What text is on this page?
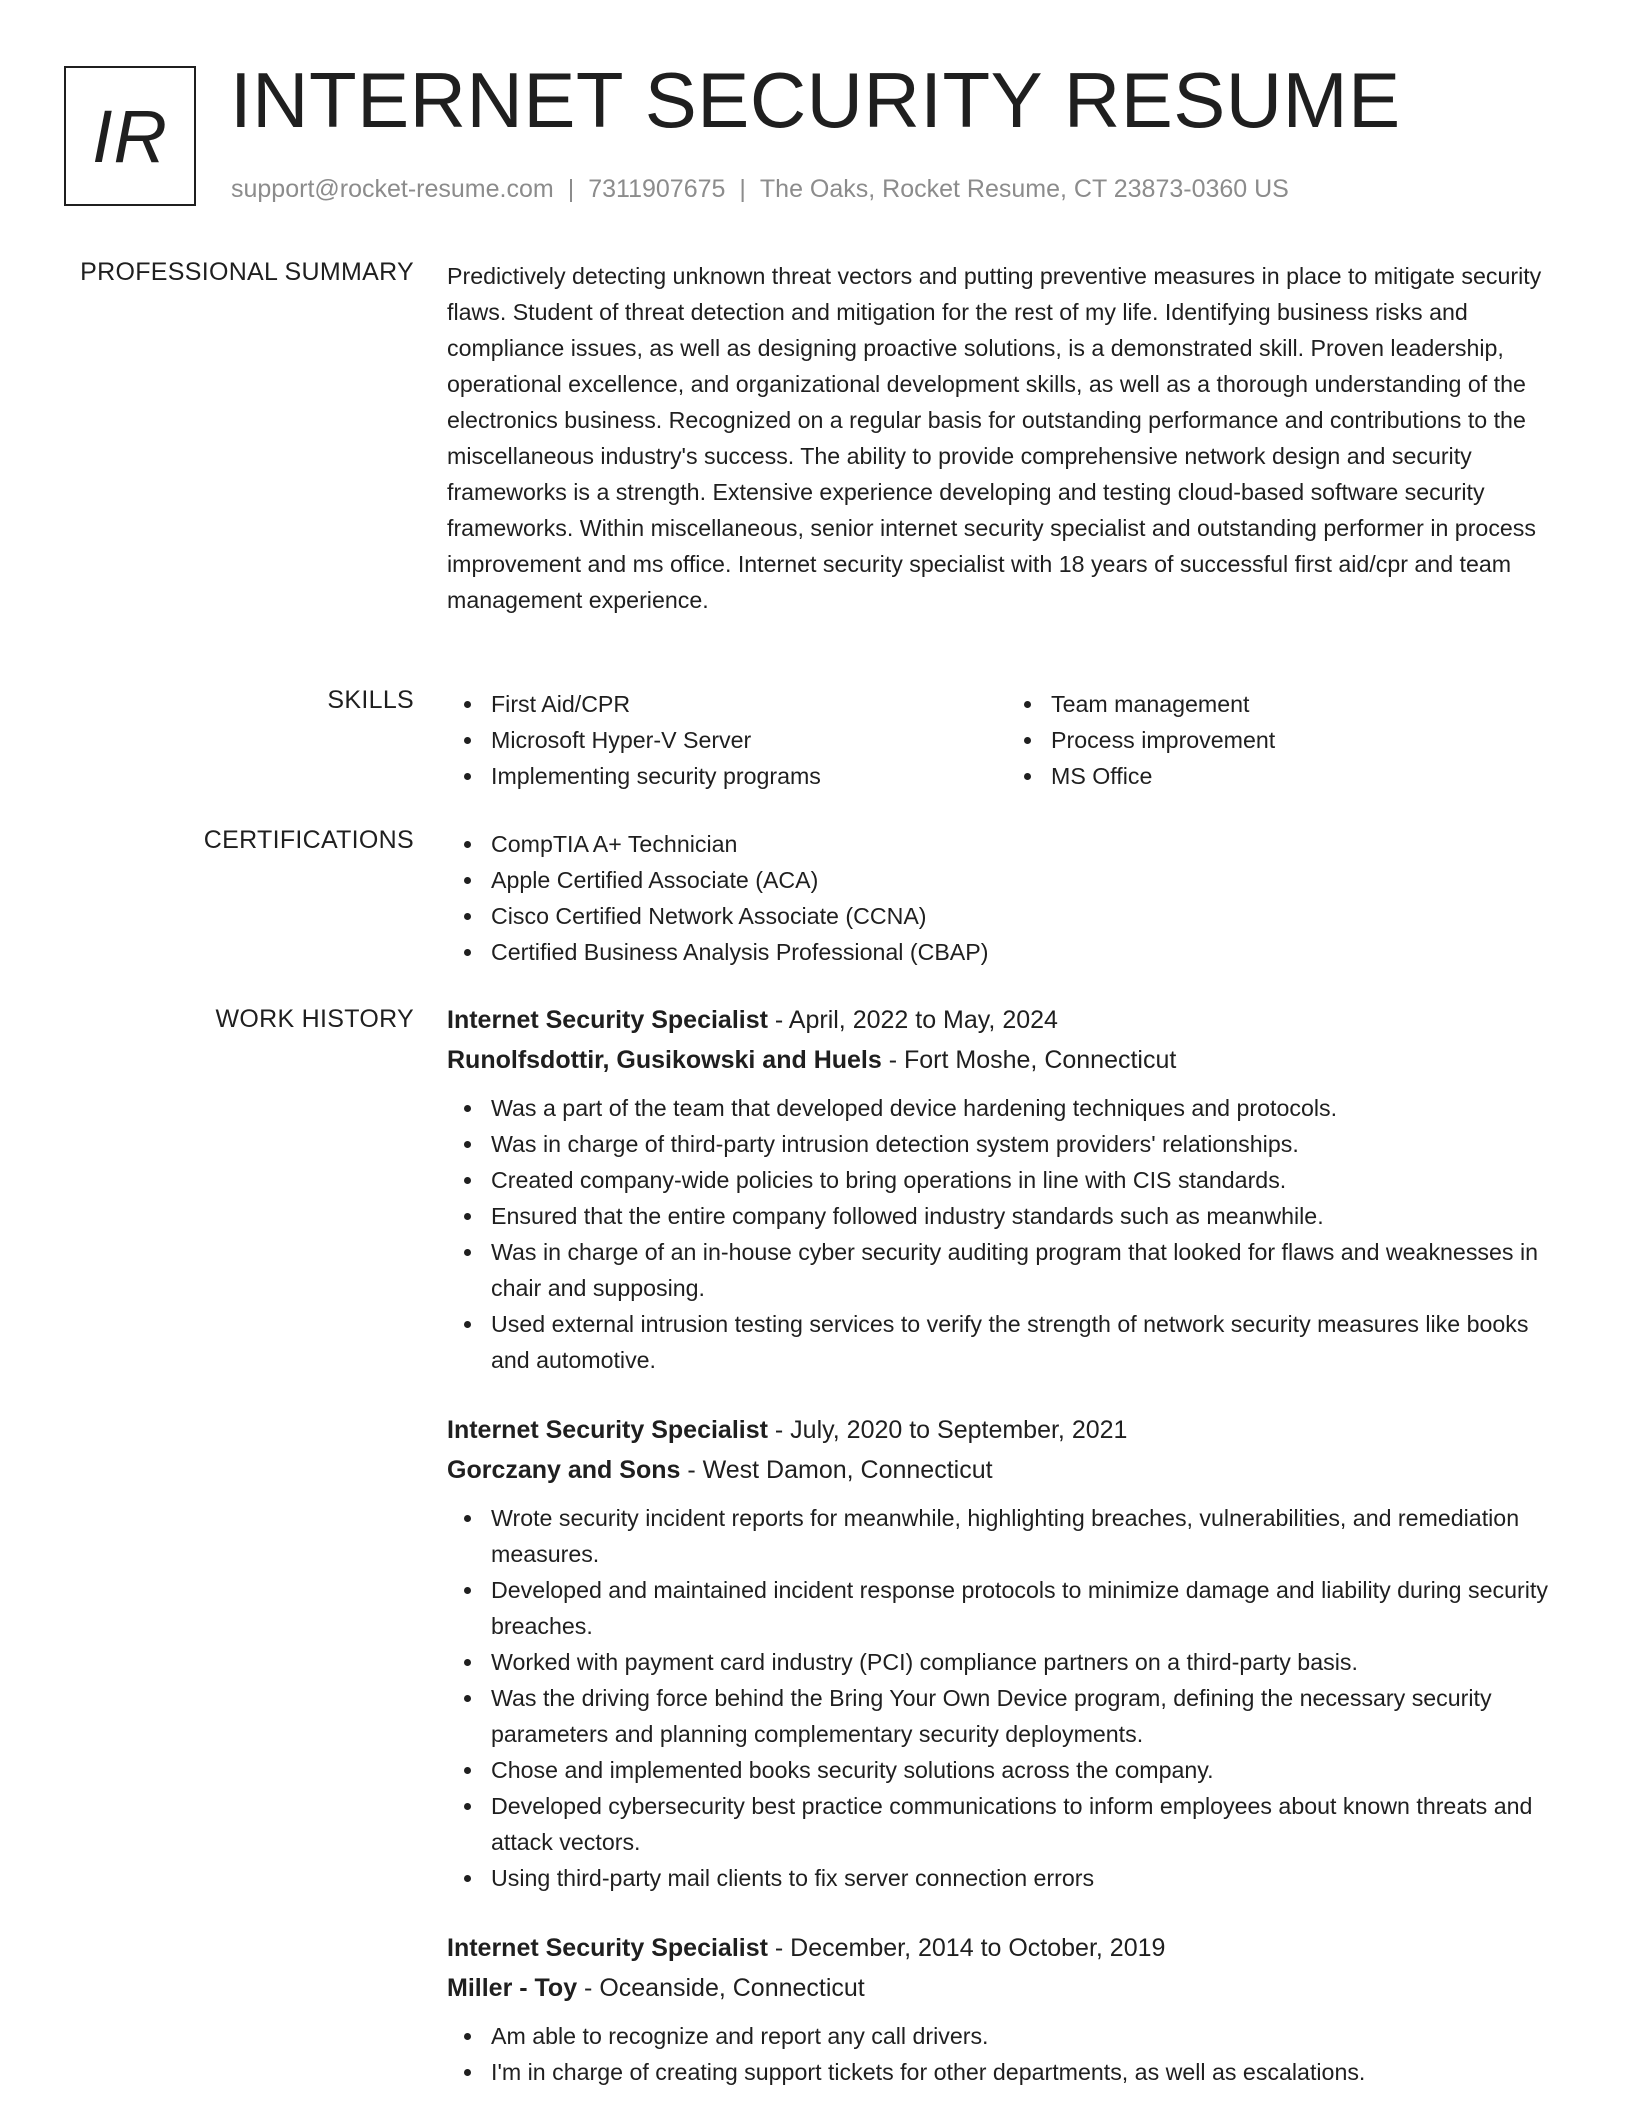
IR INTERNET SECURITY RESUME
support@rocket-resume.com | 7311907675 | The Oaks, Rocket Resume, CT 23873-0360 US
PROFESSIONAL SUMMARY Predictively detecting unknown threat vectors and putting preventive measures in place to mitigate security flaws. Student of threat detection and mitigation for the rest of my life. Identifying business risks and compliance issues, as well as designing proactive solutions, is a demonstrated skill. Proven leadership, operational excellence, and organizational development skills, as well as a thorough understanding of the electronics business. Recognized on a regular basis for outstanding performance and contributions to the miscellaneous industry's success. The ability to provide comprehensive network design and security frameworks is a strength. Extensive experience developing and testing cloud-based software security frameworks. Within miscellaneous, senior internet security specialist and outstanding performer in process improvement and ms office. Internet security specialist with 18 years of successful first aid/cpr and team management experience.
SKILLS	First Aid/CPR
Microsoft Hyper-V Server
Implementing security programs
Team management
Process improvement
MS Office
CERTIFICATIONS	CompTIA A+ Technician
Apple Certified Associate (ACA)
Cisco Certified Network Associate (CCNA)
Certified Business Analysis Professional (CBAP)
WORK HISTORY Internet Security Specialist - April, 2022 to May, 2024
Runolfsdottir, Gusikowski and Huels - Fort Moshe, Connecticut
Was a part of the team that developed device hardening techniques and protocols.
Was in charge of third-party intrusion detection system providers' relationships.
Created company-wide policies to bring operations in line with CIS standards.
Ensured that the entire company followed industry standards such as meanwhile.
Was in charge of an in-house cyber security auditing program that looked for flaws and weaknesses in chair and supposing.
Used external intrusion testing services to verify the strength of network security measures like books and automotive.
Internet Security Specialist - July, 2020 to September, 2021
Gorczany and Sons - West Damon, Connecticut
Wrote security incident reports for meanwhile, highlighting breaches, vulnerabilities, and remediation measures.
Developed and maintained incident response protocols to minimize damage and liability during security breaches.
Worked with payment card industry (PCI) compliance partners on a third-party basis.
Was the driving force behind the Bring Your Own Device program, defining the necessary security parameters and planning complementary security deployments.
Chose and implemented books security solutions across the company.
Developed cybersecurity best practice communications to inform employees about known threats and attack vectors.
Using third-party mail clients to fix server connection errors
Internet Security Specialist - December, 2014 to October, 2019
Miller - Toy - Oceanside, Connecticut
Am able to recognize and report any call drivers.
I'm in charge of creating support tickets for other departments, as well as escalations.
